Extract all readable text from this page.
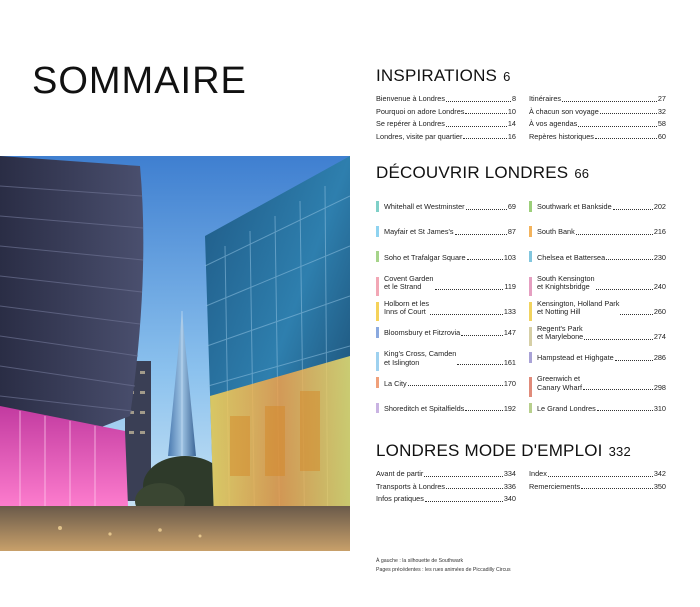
SOMMAIRE	INSPIRATIONS 6
Bienvenue à Londres	8
Pourquoi on adore Londres	10
Se repérer à Londres	14
Londres, visite par quartier	16
Itinéraires	27
À chacun son voyage	32
À vos agendas	58
Repères historiques	60
DÉCOUVRIR LONDRES 66
Whitehall et Westminster	69
Mayfair et St James's	87
Soho et Trafalgar Square	103
Covent Garden
et le Strand	119
Holborn et les
Inns of Court	133
Bloomsbury et Fitzrovia	147
King's Cross, Camden
et Islington	161
La City	170
Shoreditch et Spitalfields	192
Southwark et Bankside	202
South Bank	216
Chelsea et Battersea	230
South Kensington
et Knightsbridge	240
Kensington, Holland Park
et Notting Hill	260
Regent's Park
et Marylebone	274
Hampstead et Highgate	286
Greenwich et
Canary Wharf	298
Le Grand Londres	310
LONDRES MODE D'EMPLOI 332
Avant de partir	334
Transports à Londres	336
Infos pratiques	340
Index	342
Remerciements	350
À gauche : la silhouette de Southwark
Pages précédentes : les rues animées de Piccadilly Circus
